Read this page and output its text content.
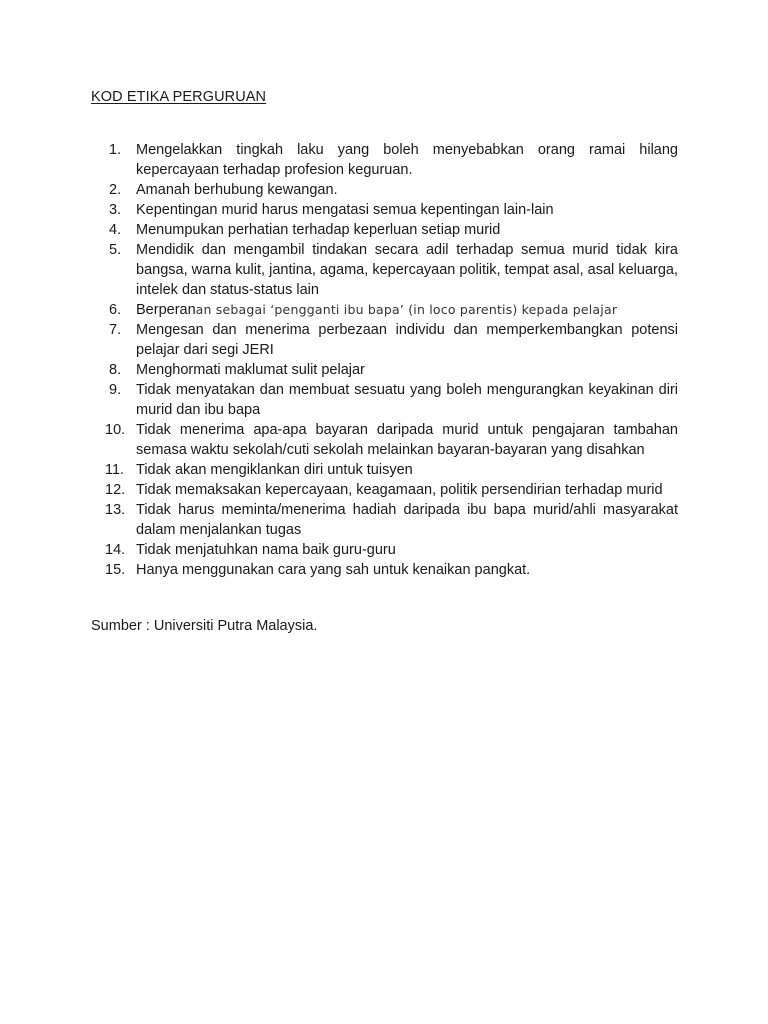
KOD ETIKA PERGURUAN
1.	Mengelakkan tingkah laku yang boleh menyebabkan orang ramai hilang kepercayaan terhadap profesion keguruan.
2.	Amanah berhubung kewangan.
3.	Kepentingan murid harus mengatasi semua kepentingan lain-lain
4.	Menumpukan perhatian terhadap keperluan setiap murid
5.	Mendidik dan mengambil tindakan secara adil terhadap semua murid tidak kira bangsa, warna kulit, jantina, agama, kepercayaan politik, tempat asal, asal keluarga, intelek dan status-status lain
6.	Berperanan sebagai ‘pengganti ibu bapa’ (in loco parentis) kepada pelajar
7.	Mengesan dan menerima perbezaan individu dan memperkembangkan potensi pelajar dari segi JERI
8.	Menghormati maklumat sulit pelajar
9.	Tidak menyatakan dan membuat sesuatu yang boleh mengurangkan keyakinan diri murid dan ibu bapa
10. Tidak menerima apa-apa bayaran daripada murid untuk pengajaran tambahan semasa waktu sekolah/cuti sekolah melainkan bayaran-bayaran yang disahkan
11. Tidak akan mengiklankan diri untuk tuisyen
12. Tidak memaksakan kepercayaan, keagamaan, politik persendirian terhadap murid
13. Tidak harus meminta/menerima hadiah daripada ibu bapa murid/ahli masyarakat dalam menjalankan tugas
14. Tidak menjatuhkan nama baik guru-guru
15. Hanya menggunakan cara yang sah untuk kenaikan pangkat.

Sumber : Universiti Putra Malaysia.
